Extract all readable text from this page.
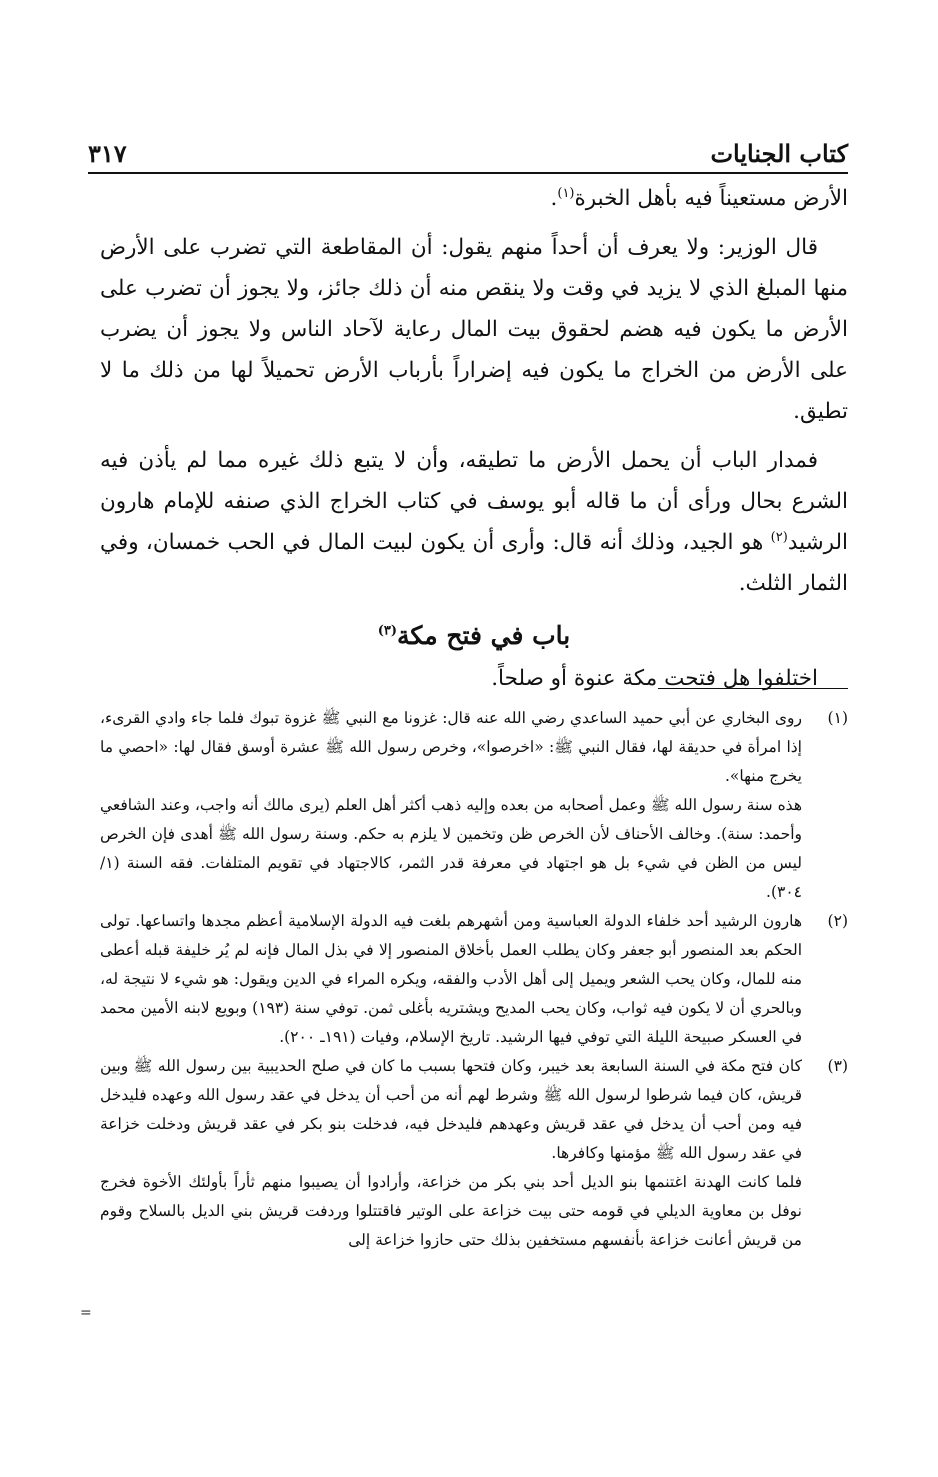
كتاب الجنايات
٣١٧

الأرض مستعيناً فيه بأهل الخبرة$^{(١)}$.

قال الوزير: ولا يعرف أن أحداً منهم يقول: أن المقاطعة التي تضرب على الأرض منها المبلغ الذي لا يزيد في وقت ولا ينقص منه أن ذلك جائز، ولا يجوز أن تضرب على الأرض ما يكون فيه هضم لحقوق بيت المال رعاية لآحاد الناس ولا يجوز أن يضرب على الأرض من الخراج ما يكون فيه إضراراً بأرباب الأرض تحميلاً لها من ذلك ما لا تطيق.

فمدار الباب أن يحمل الأرض ما تطيقه، وأن لا يتبع ذلك غيره مما لم يأذن فيه الشرع بحال ورأى أن ما قاله أبو يوسف في كتاب الخراج الذي صنفه للإمام هارون الرشيد$^{(٢)}$ هو الجيد، وذلك أنه قال: وأرى أن يكون لبيت المال في الحب خمسان، وفي الثمار الثلث.

باب في فتح مكة$^{(٣)}$

اختلفوا هل فتحت مكة عنوة أو صلحاً.

(١)

روى البخاري عن أبي حميد الساعدي رضي الله عنه قال: غزونا مع النبي ﷺ غزوة تبوك فلما جاء وادي القرىء، إذا امرأة في حديقة لها، فقال النبي ﷺ: «اخرصوا»، وخرص رسول الله ﷺ عشرة أوسق فقال لها: «احصي ما يخرج منها».

هذه سنة رسول الله ﷺ وعمل أصحابه من بعده وإليه ذهب أكثر أهل العلم (يرى مالك أنه واجب، وعند الشافعي وأحمد: سنة). وخالف الأحناف لأن الخرص ظن وتخمين لا يلزم به حكم. وسنة رسول الله ﷺ أهدى فإن الخرص ليس من الظن في شيء بل هو اجتهاد في معرفة قدر الثمر، كالاجتهاد في تقويم المتلفات. فقه السنة (١/ ٣٠٤).

(٢)

هارون الرشيد أحد خلفاء الدولة العباسية ومن أشهرهم بلغت فيه الدولة الإسلامية أعظم مجدها واتساعها. تولى الحكم بعد المنصور أبو جعفر وكان يطلب العمل بأخلاق المنصور إلا في بذل المال فإنه لم يُر خليفة قبله أعطى منه للمال، وكان يحب الشعر ويميل إلى أهل الأدب والفقه، ويكره المراء في الدين ويقول: هو شيء لا نتيجة له، وبالحري أن لا يكون فيه ثواب، وكان يحب المديح ويشتريه بأغلى ثمن. توفي سنة (١٩٣) وبويع لابنه الأمين محمد في العسكر صبيحة الليلة التي توفي فيها الرشيد. تاريخ الإسلام، وفيات (١٩١ـ ٢٠٠).

(٣)

كان فتح مكة في السنة السابعة بعد خيبر، وكان فتحها بسبب ما كان في صلح الحديبية بين رسول الله ﷺ وبين قريش، كان فيما شرطوا لرسول الله ﷺ وشرط لهم أنه من أحب أن يدخل في عقد رسول الله وعهده فليدخل فيه ومن أحب أن يدخل في عقد قريش وعهدهم فليدخل فيه، فدخلت بنو بكر في عقد قريش ودخلت خزاعة في عقد رسول الله ﷺ مؤمنها وكافرها.

فلما كانت الهدنة اغتنمها بنو الديل أحد بني بكر من خزاعة، وأرادوا أن يصيبوا منهم ثأراً بأولئك الأخوة فخرج نوفل بن معاوية الديلي في قومه حتى بيت خزاعة على الوتير فاقتتلوا وردفت قريش بني الديل بالسلاح وقوم من قريش أعانت خزاعة بأنفسهم مستخفين بذلك حتى حازوا خزاعة إلى

=
